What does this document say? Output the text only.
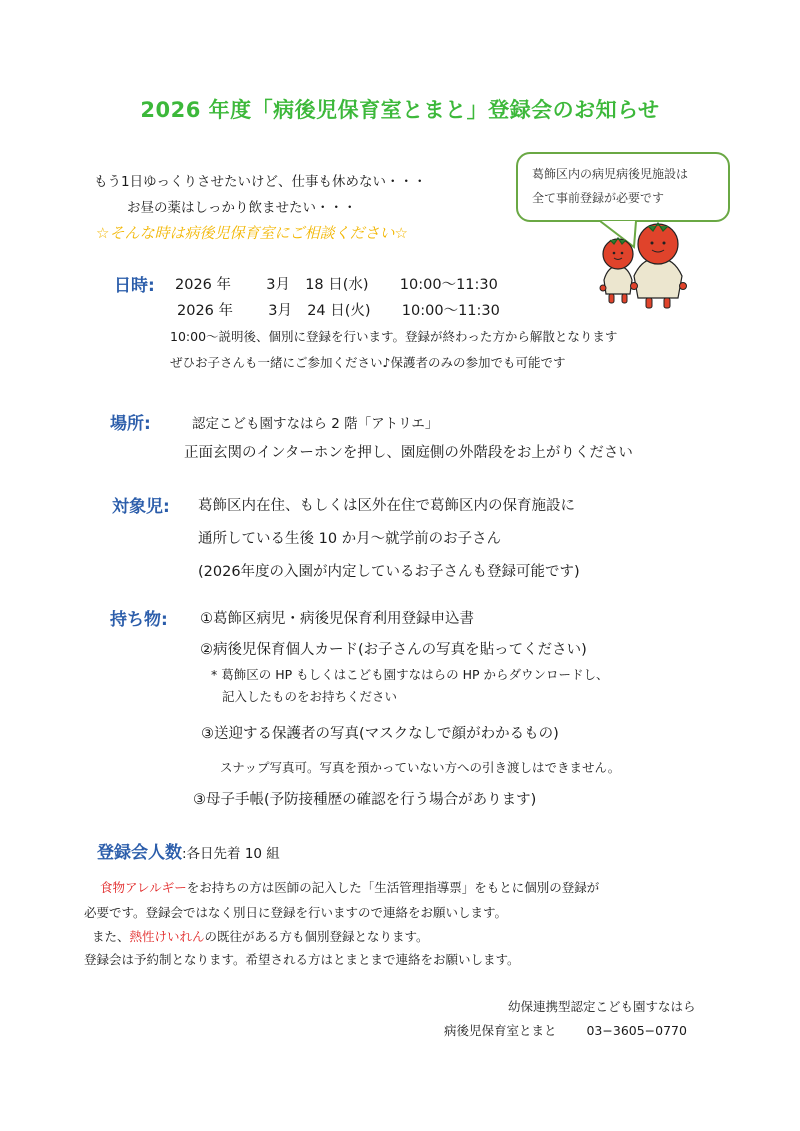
2026 年度「病後児保育室とまと」登録会のお知らせ
もう1日ゆっくりさせたいけど、仕事も休めない・・・
お昼の薬はしっかり飲ませたい・・・
☆そんな時は病後児保育室にご相談ください☆
葛飾区内の病児病後児施設は
全て事前登録が必要です
日時: 2026 年 3月 18 日(水) 10:00〜11:30
2026 年 3月 24 日(火) 10:00〜11:30
10:00〜説明後、個別に登録を行います。登録が終わった方から解散となります
ぜひお子さんも一緒にご参加ください♪保護者のみの参加でも可能です
場所:	認定こども園すなはら 2 階「アトリエ」
正面玄関のインターホンを押し、園庭側の外階段をお上がりください
対象児: 葛飾区内在住、もしくは区外在住で葛飾区内の保育施設に
通所している生後 10 か月〜就学前のお子さん
(2026年度の入園が内定しているお子さんも登録可能です)
持ち物: ①葛飾区病児・病後児保育利用登録申込書
②病後児保育個人カード(お子さんの写真を貼ってください)
* 葛飾区の HP もしくはこども園すなはらの HP からダウンロードし、
記入したものをお持ちください
③送迎する保護者の写真(マスクなしで顔がわかるもの)
スナップ写真可。写真を預かっていない方への引き渡しはできません。
③母子手帳(予防接種歴の確認を行う場合があります)
登録会人数:各日先着 10 組
食物アレルギーをお持ちの方は医師の記入した「生活管理指導票」をもとに個別の登録が
必要です。登録会ではなく別日に登録を行いますので連絡をお願いします。
また、熱性けいれんの既往がある方も個別登録となります。
登録会は予約制となります。希望される方はとまとまで連絡をお願いします。
幼保連携型認定こども園すなはら
病後児保育室とまと 03−3605−0770
